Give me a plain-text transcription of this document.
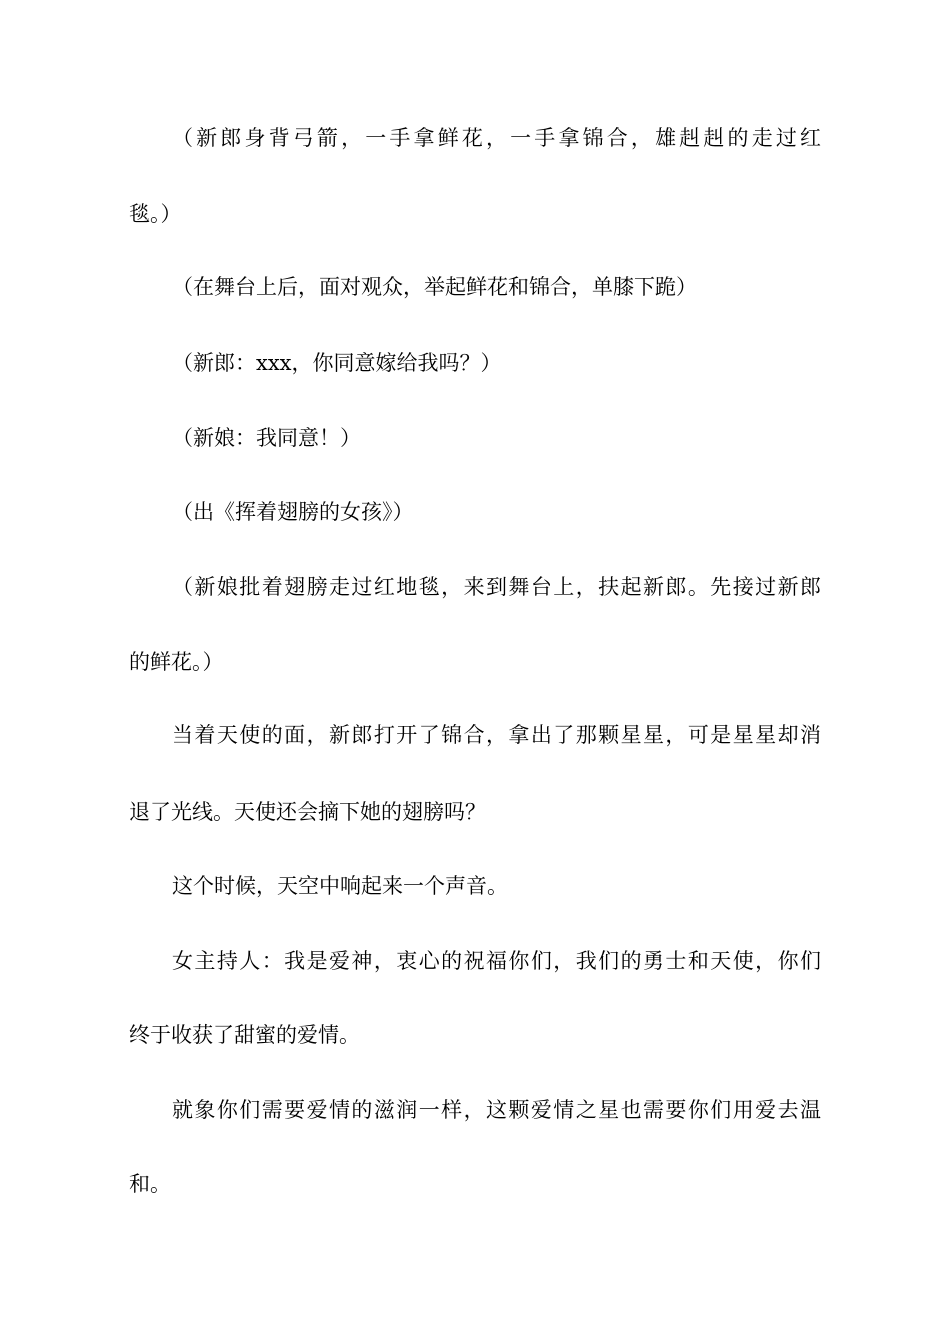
（新郎身背弓箭，一手拿鲜花，一手拿锦合，雄赳赳的走过红
毯。）
（在舞台上后，面对观众，举起鲜花和锦合，单膝下跪）
（新郎：xxx，你同意嫁给我吗？）
（新娘：我同意！）
（出《挥着翅膀的女孩》）
（新娘批着翅膀走过红地毯，来到舞台上，扶起新郎。先接过新郎
的鲜花。）
当着天使的面，新郎打开了锦合，拿出了那颗星星，可是星星却消
退了光线。天使还会摘下她的翅膀吗？
这个时候，天空中响起来一个声音。
女主持人：我是爱神，衷心的祝福你们，我们的勇士和天使，你们
终于收获了甜蜜的爱情。
就象你们需要爱情的滋润一样，这颗爱情之星也需要你们用爱去温
和。
